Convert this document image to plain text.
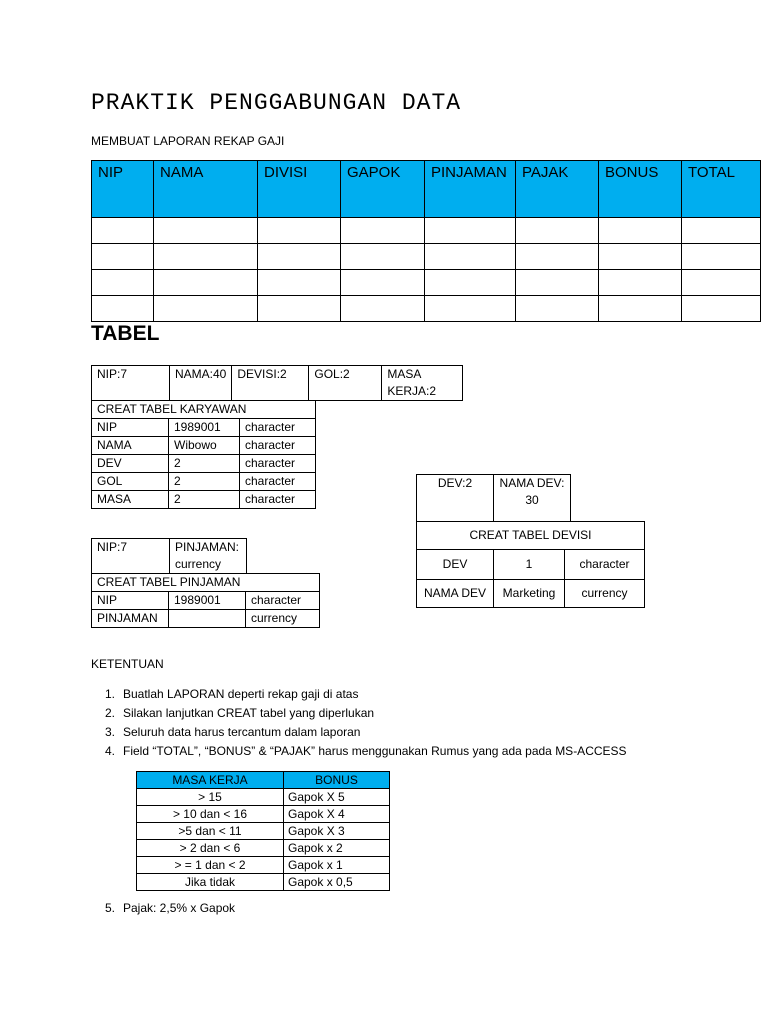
PRAKTIK PENGGABUNGAN DATA
MEMBUAT LAPORAN REKAP GAJI
NIP	NAMA	DIVISI	GAPOK	PINJAMAN	PAJAK	BONUS	TOTAL

TABEL
NIP:7	NAMA:40	DEVISI:2	GOL:2	MASA KERJA:2
CREAT TABEL KARYAWAN		
NIP	1989001	character
NAMA	Wibowo	character
DEV	2	character
GOL	2	character
MASA	2	character
NIP:7	PINJAMAN: currency
CREAT TABEL PINJAMAN		
NIP	1989001	character
PINJAMAN		currency
DEV:2	NAMA DEV: 30
CREAT TABEL DEVISI		
DEV	1	character
NAMA DEV	Marketing	currency
KETENTUAN
1. Buatlah LAPORAN deperti rekap gaji di atas
2. Silakan lanjutkan CREAT tabel yang diperlukan
3. Seluruh data harus tercantum dalam laporan
4. Field “TOTAL”, “BONUS” & “PAJAK” harus menggunakan Rumus yang ada pada MS-ACCESS
MASA KERJA	BONUS
> 15	Gapok X 5
> 10 dan < 16	Gapok X 4
>5 dan < 11	Gapok X 3
> 2 dan < 6	Gapok x 2
> = 1 dan < 2	Gapok x 1
Jika tidak	Gapok x 0,5
5. Pajak: 2,5% x Gapok
